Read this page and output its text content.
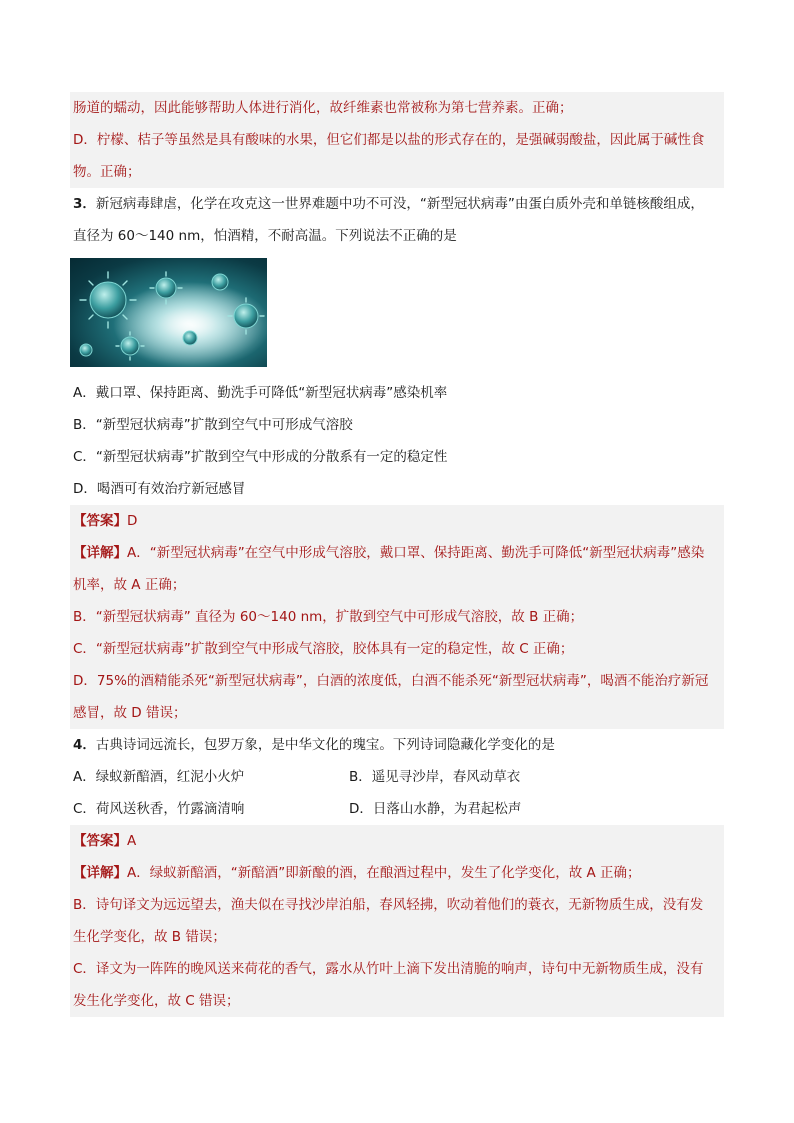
肠道的蠕动，因此能够帮助人体进行消化，故纤维素也常被称为第七营养素。正确；
D．柠檬、桔子等虽然是具有酸味的水果，但它们都是以盐的形式存在的，是强碱弱酸盐，因此属于碱性食
物。正确；
3．新冠病毒肆虐，化学在攻克这一世界难题中功不可没，“新型冠状病毒”由蛋白质外壳和单链核酸组成，
直径为 60～140 nm，怕酒精，不耐高温。下列说法不正确的是
A．戴口罩、保持距离、勤洗手可降低“新型冠状病毒”感染机率
B．“新型冠状病毒”扩散到空气中可形成气溶胶
C．“新型冠状病毒”扩散到空气中形成的分散系有一定的稳定性
D．喝酒可有效治疗新冠感冒
【答案】D
【详解】A．“新型冠状病毒”在空气中形成气溶胶，戴口罩、保持距离、勤洗手可降低“新型冠状病毒”感染
机率，故 A 正确；
B．“新型冠状病毒” 直径为 60～140 nm，扩散到空气中可形成气溶胶，故 B 正确；
C．“新型冠状病毒”扩散到空气中形成气溶胶，胶体具有一定的稳定性，故 C 正确；
D．75%的酒精能杀死“新型冠状病毒”，白酒的浓度低，白酒不能杀死“新型冠状病毒”，喝酒不能治疗新冠
感冒，故 D 错误；
4．古典诗词远流长，包罗万象，是中华文化的瑰宝。下列诗词隐藏化学变化的是
A．绿蚁新醅酒，红泥小火炉	B．遥见寻沙岸，春风动草衣
C．荷风送秋香，竹露滴清响	D．日落山水静，为君起松声
【答案】A
【详解】A．绿蚁新醅酒，“新醅酒”即新酿的酒，在酿酒过程中，发生了化学变化，故 A 正确；
B．诗句译文为远远望去，渔夫似在寻找沙岸泊船，春风轻拂，吹动着他们的蓑衣，无新物质生成，没有发
生化学变化，故 B 错误；
C．译文为一阵阵的晚风送来荷花的香气，露水从竹叶上滴下发出清脆的响声，诗句中无新物质生成，没有
发生化学变化，故 C 错误；
